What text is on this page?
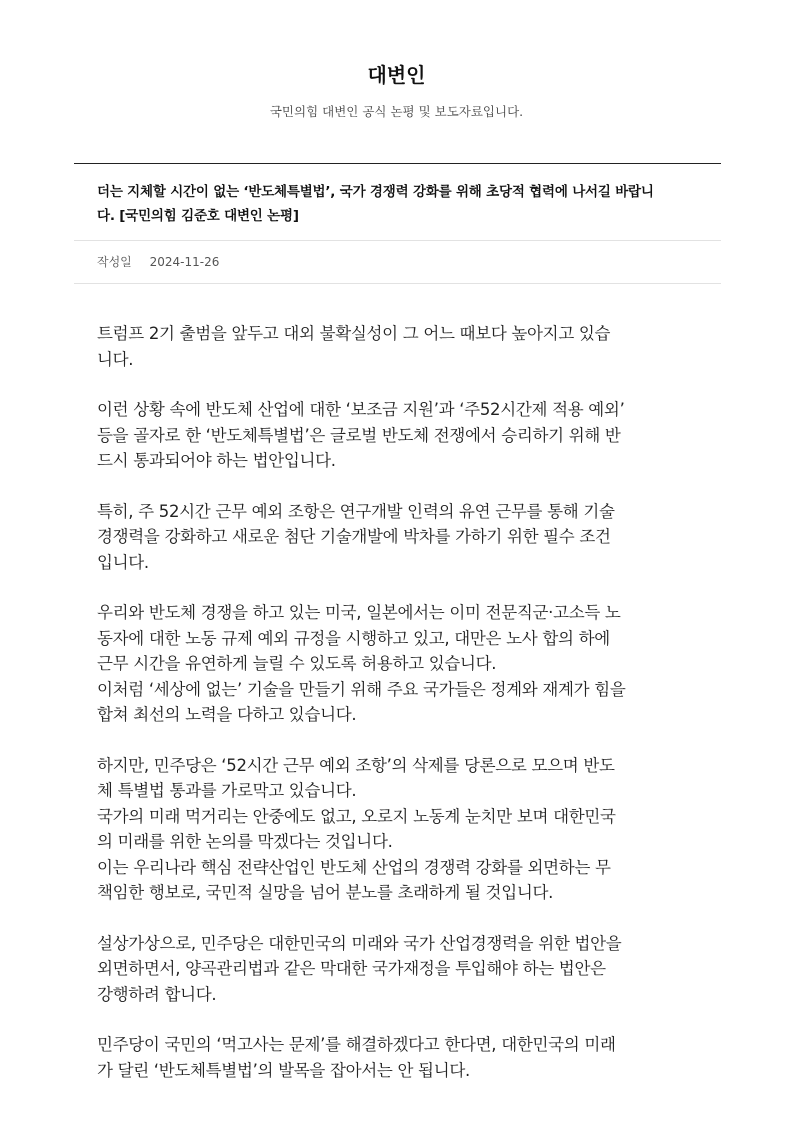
대변인
국민의힘 대변인 공식 논평 및 보도자료입니다.
더는 지체할 시간이 없는 ‘반도체특별법’, 국가 경쟁력 강화를 위해 초당적 협력에 나서길 바랍니
다. [국민의힘 김준호 대변인 논평]
작성일 2024-11-26

트럼프 2기 출범을 앞두고 대외 불확실성이 그 어느 때보다 높아지고 있습
니다.

이런 상황 속에 반도체 산업에 대한 ‘보조금 지원’과 ‘주52시간제 적용 예외’
등을 골자로 한 ‘반도체특별법’은 글로벌 반도체 전쟁에서 승리하기 위해 반
드시 통과되어야 하는 법안입니다.

특히, 주 52시간 근무 예외 조항은 연구개발 인력의 유연 근무를 통해 기술
경쟁력을 강화하고 새로운 첨단 기술개발에 박차를 가하기 위한 필수 조건
입니다.

우리와 반도체 경쟁을 하고 있는 미국, 일본에서는 이미 전문직군·고소득 노
동자에 대한 노동 규제 예외 규정을 시행하고 있고, 대만은 노사 합의 하에
근무 시간을 유연하게 늘릴 수 있도록 허용하고 있습니다.
이처럼 ‘세상에 없는’ 기술을 만들기 위해 주요 국가들은 정계와 재계가 힘을
합쳐 최선의 노력을 다하고 있습니다.

하지만, 민주당은 ‘52시간 근무 예외 조항’의 삭제를 당론으로 모으며 반도
체 특별법 통과를 가로막고 있습니다.
국가의 미래 먹거리는 안중에도 없고, 오로지 노동계 눈치만 보며 대한민국
의 미래를 위한 논의를 막겠다는 것입니다.
이는 우리나라 핵심 전략산업인 반도체 산업의 경쟁력 강화를 외면하는 무
책임한 행보로, 국민적 실망을 넘어 분노를 초래하게 될 것입니다.

설상가상으로, 민주당은 대한민국의 미래와 국가 산업경쟁력을 위한 법안을
외면하면서, 양곡관리법과 같은 막대한 국가재정을 투입해야 하는 법안은
강행하려 합니다.

민주당이 국민의 ‘먹고사는 문제’를 해결하겠다고 한다면, 대한민국의 미래
가 달린 ‘반도체특별법’의 발목을 잡아서는 안 됩니다.
